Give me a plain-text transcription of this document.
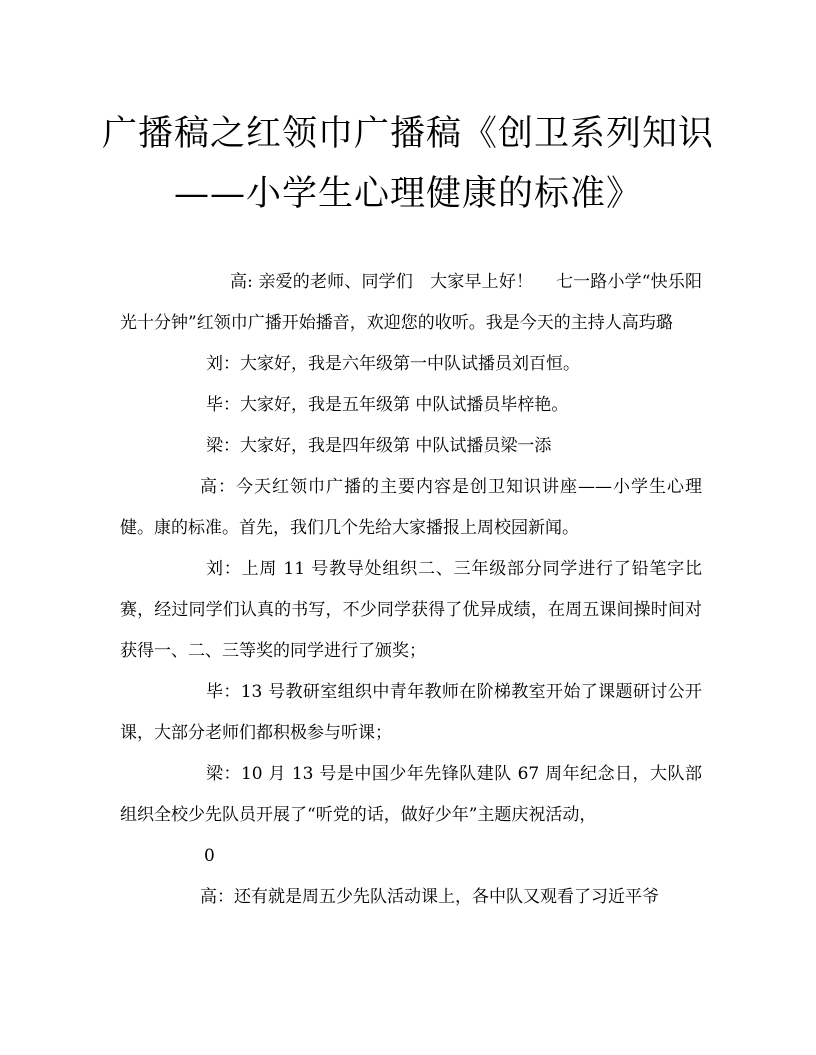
广播稿之红领巾广播稿《创卫系列知识
——小学生心理健康的标准》

高: 亲爱的老师、同学们　大家早上好！　 七一路小学“快乐阳光十分钟”红领巾广播开始播音，欢迎您的收听。我是今天的主持人高玙璐

刘：大家好，我是六年级第一中队试播员刘百恒。

毕：大家好，我是五年级第 中队试播员毕梓艳。

梁：大家好，我是四年级第 中队试播员梁一添

高：今天红领巾广播的主要内容是创卫知识讲座——小学生心理健。康的标准。首先，我们几个先给大家播报上周校园新闻。

刘：上周 11 号教导处组织二、三年级部分同学进行了铅笔字比赛，经过同学们认真的书写，不少同学获得了优异成绩，在周五课间操时间对获得一、二、三等奖的同学进行了颁奖；

毕：13 号教研室组织中青年教师在阶梯教室开始了课题研讨公开课，大部分老师们都积极参与听课；

梁：10 月 13 号是中国少年先锋队建队 67 周年纪念日，大队部组织全校少先队员开展了“听党的话，做好少年”主题庆祝活动，

0

高：还有就是周五少先队活动课上，各中队又观看了习近平爷
